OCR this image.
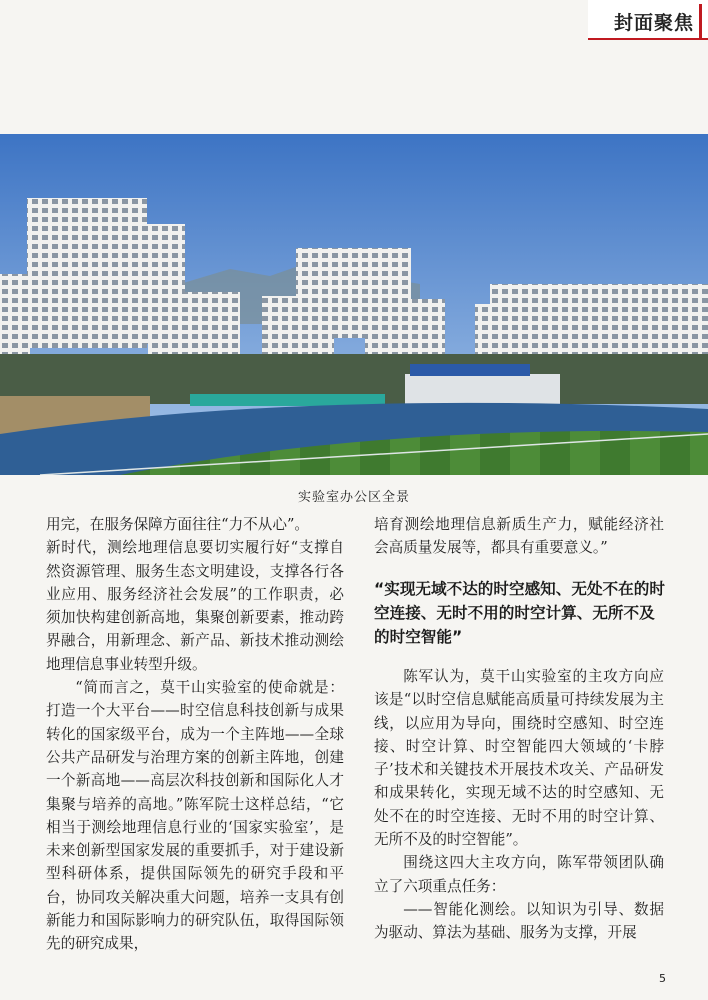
封面聚焦
实验室办公区全景

用完，在服务保障方面往往“力不从心”。

新时代，测绘地理信息要切实履行好“支撑自然资源管理、服务生态文明建设，支撑各行各业应用、服务经济社会发展”的工作职责，必须加快构建创新高地，集聚创新要素，推动跨界融合，用新理念、新产品、新技术推动测绘地理信息事业转型升级。

“简而言之，莫干山实验室的使命就是：打造一个大平台——时空信息科技创新与成果转化的国家级平台，成为一个主阵地——全球公共产品研发与治理方案的创新主阵地，创建一个新高地——高层次科技创新和国际化人才集聚与培养的高地。”陈军院士这样总结，“它相当于测绘地理信息行业的‘国家实验室’，是未来创新型国家发展的重要抓手，对于建设新型科研体系，提供国际领先的研究手段和平台，协同攻关解决重大问题，培养一支具有创新能力和国际影响力的研究队伍，取得国际领先的研究成果，

培育测绘地理信息新质生产力，赋能经济社会高质量发展等，都具有重要意义。”

“实现无域不达的时空感知、无处不在的时空连接、无时不用的时空计算、无所不及的时空智能”

陈军认为，莫干山实验室的主攻方向应该是“以时空信息赋能高质量可持续发展为主线，以应用为导向，围绕时空感知、时空连接、时空计算、时空智能四大领域的‘卡脖子’技术和关键技术开展技术攻关、产品研发和成果转化，实现无域不达的时空感知、无处不在的时空连接、无时不用的时空计算、无所不及的时空智能”。

围绕这四大主攻方向，陈军带领团队确立了六项重点任务：

——智能化测绘。以知识为引导、数据为驱动、算法为基础、服务为支撑，开展

5
